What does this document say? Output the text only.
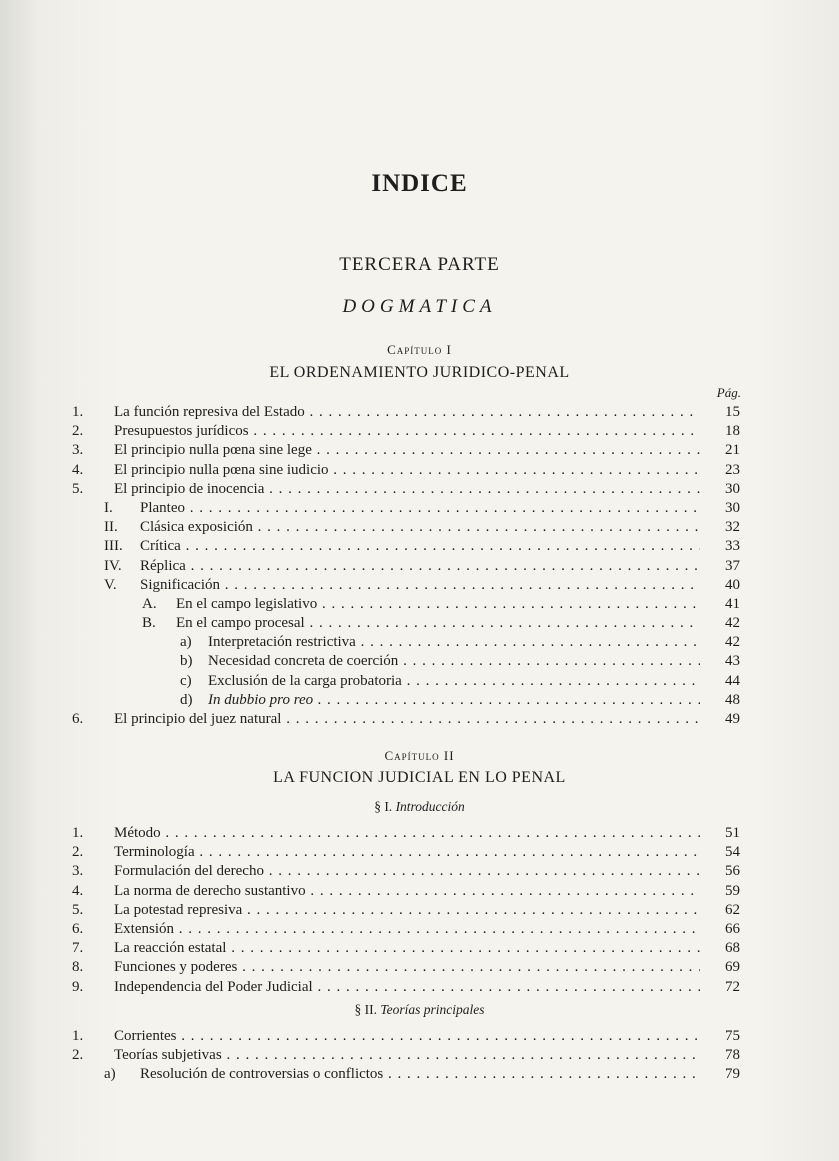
INDICE
TERCERA PARTE
DOGMATICA
Capítulo I
EL ORDENAMIENTO JURIDICO-PENAL
Pág.
1. La función represiva del Estado . . .	15
2. Presupuestos jurídicos . . .	18
3. El principio nulla pœna sine lege . . .	21
4. El principio nulla pœna sine iudicio . . .	23
5. El principio de inocencia . . .	30
I. Planteo . . .	30
II. Clásica exposición . . .	32
III. Crítica . . .	33
IV. Réplica . . .	37
V. Significación . . .	40
A. En el campo legislativo . . .	41
B. En el campo procesal . . .	42
a) Interpretación restrictiva . . .	42
b) Necesidad concreta de coerción . . .	43
c) Exclusión de la carga probatoria . . .	44
d) In dubbio pro reo . . .	48
6. El principio del juez natural . . .	49
Capítulo II
LA FUNCION JUDICIAL EN LO PENAL
§ I. Introducción
1. Método . . .	51
2. Terminología . . .	54
3. Formulación del derecho . . .	56
4. La norma de derecho sustantivo . . .	59
5. La potestad represiva . . .	62
6. Extensión . . .	66
7. La reacción estatal . . .	68
8. Funciones y poderes . . .	69
9. Independencia del Poder Judicial . . .	72
§ II. Teorías principales
1. Corrientes . . .	75
2. Teorías subjetivas . . .	78
a) Resolución de controversias o conflictos . . .	79
